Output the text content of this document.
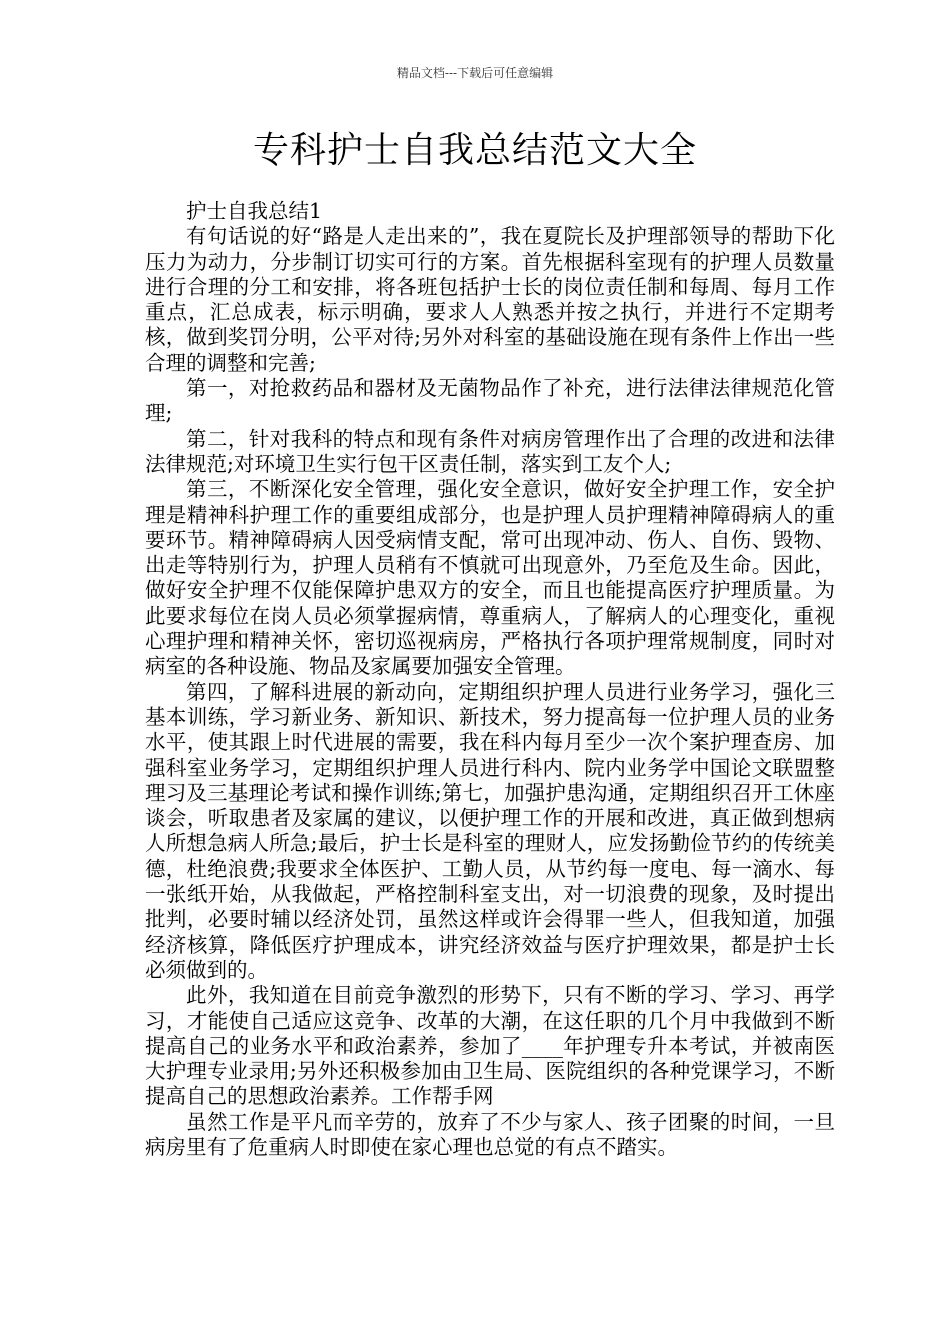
精品文档---下载后可任意编辑
专科护士自我总结范文大全

护士自我总结1

有句话说的好“路是人走出来的”，我在夏院长及护理部领导的帮助下化压力为动力，分步制订切实可行的方案。首先根据科室现有的护理人员数量进行合理的分工和安排，将各班包括护士长的岗位责任制和每周、每月工作重点，汇总成表，标示明确，要求人人熟悉并按之执行，并进行不定期考核，做到奖罚分明，公平对待;另外对科室的基础设施在现有条件上作出一些合理的调整和完善;

第一，对抢救药品和器材及无菌物品作了补充，进行法律法律规范化管理;

第二，针对我科的特点和现有条件对病房管理作出了合理的改进和法律法律规范;对环境卫生实行包干区责任制，落实到工友个人;

第三，不断深化安全管理，强化安全意识，做好安全护理工作，安全护理是精神科护理工作的重要组成部分，也是护理人员护理精神障碍病人的重要环节。精神障碍病人因受病情支配，常可出现冲动、伤人、自伤、毁物、出走等特别行为，护理人员稍有不慎就可出现意外，乃至危及生命。因此，做好安全护理不仅能保障护患双方的安全，而且也能提高医疗护理质量。为此要求每位在岗人员必须掌握病情，尊重病人，了解病人的心理变化，重视心理护理和精神关怀，密切巡视病房，严格执行各项护理常规制度，同时对病室的各种设施、物品及家属要加强安全管理。

第四，了解科进展的新动向，定期组织护理人员进行业务学习，强化三基本训练，学习新业务、新知识、新技术，努力提高每一位护理人员的业务水平，使其跟上时代进展的需要，我在科内每月至少一次个案护理查房、加强科室业务学习，定期组织护理人员进行科内、院内业务学中国论文联盟整理习及三基理论考试和操作训练;第七，加强护患沟通，定期组织召开工休座谈会，听取患者及家属的建议，以便护理工作的开展和改进，真正做到想病人所想急病人所急;最后，护士长是科室的理财人，应发扬勤俭节约的传统美德，杜绝浪费;我要求全体医护、工勤人员，从节约每一度电、每一滴水、每一张纸开始，从我做起，严格控制科室支出，对一切浪费的现象，及时提出批判，必要时辅以经济处罚，虽然这样或许会得罪一些人，但我知道，加强经济核算，降低医疗护理成本，讲究经济效益与医疗护理效果，都是护士长必须做到的。

此外，我知道在目前竞争激烈的形势下，只有不断的学习、学习、再学习，才能使自己适应这竞争、改革的大潮，在这任职的几个月中我做到不断提高自己的业务水平和政治素养，参加了____年护理专升本考试，并被南医大护理专业录用;另外还积极参加由卫生局、医院组织的各种党课学习，不断提高自己的思想政治素养。工作帮手网

虽然工作是平凡而辛劳的，放弃了不少与家人、孩子团聚的时间，一旦病房里有了危重病人时即使在家心理也总觉的有点不踏实。
